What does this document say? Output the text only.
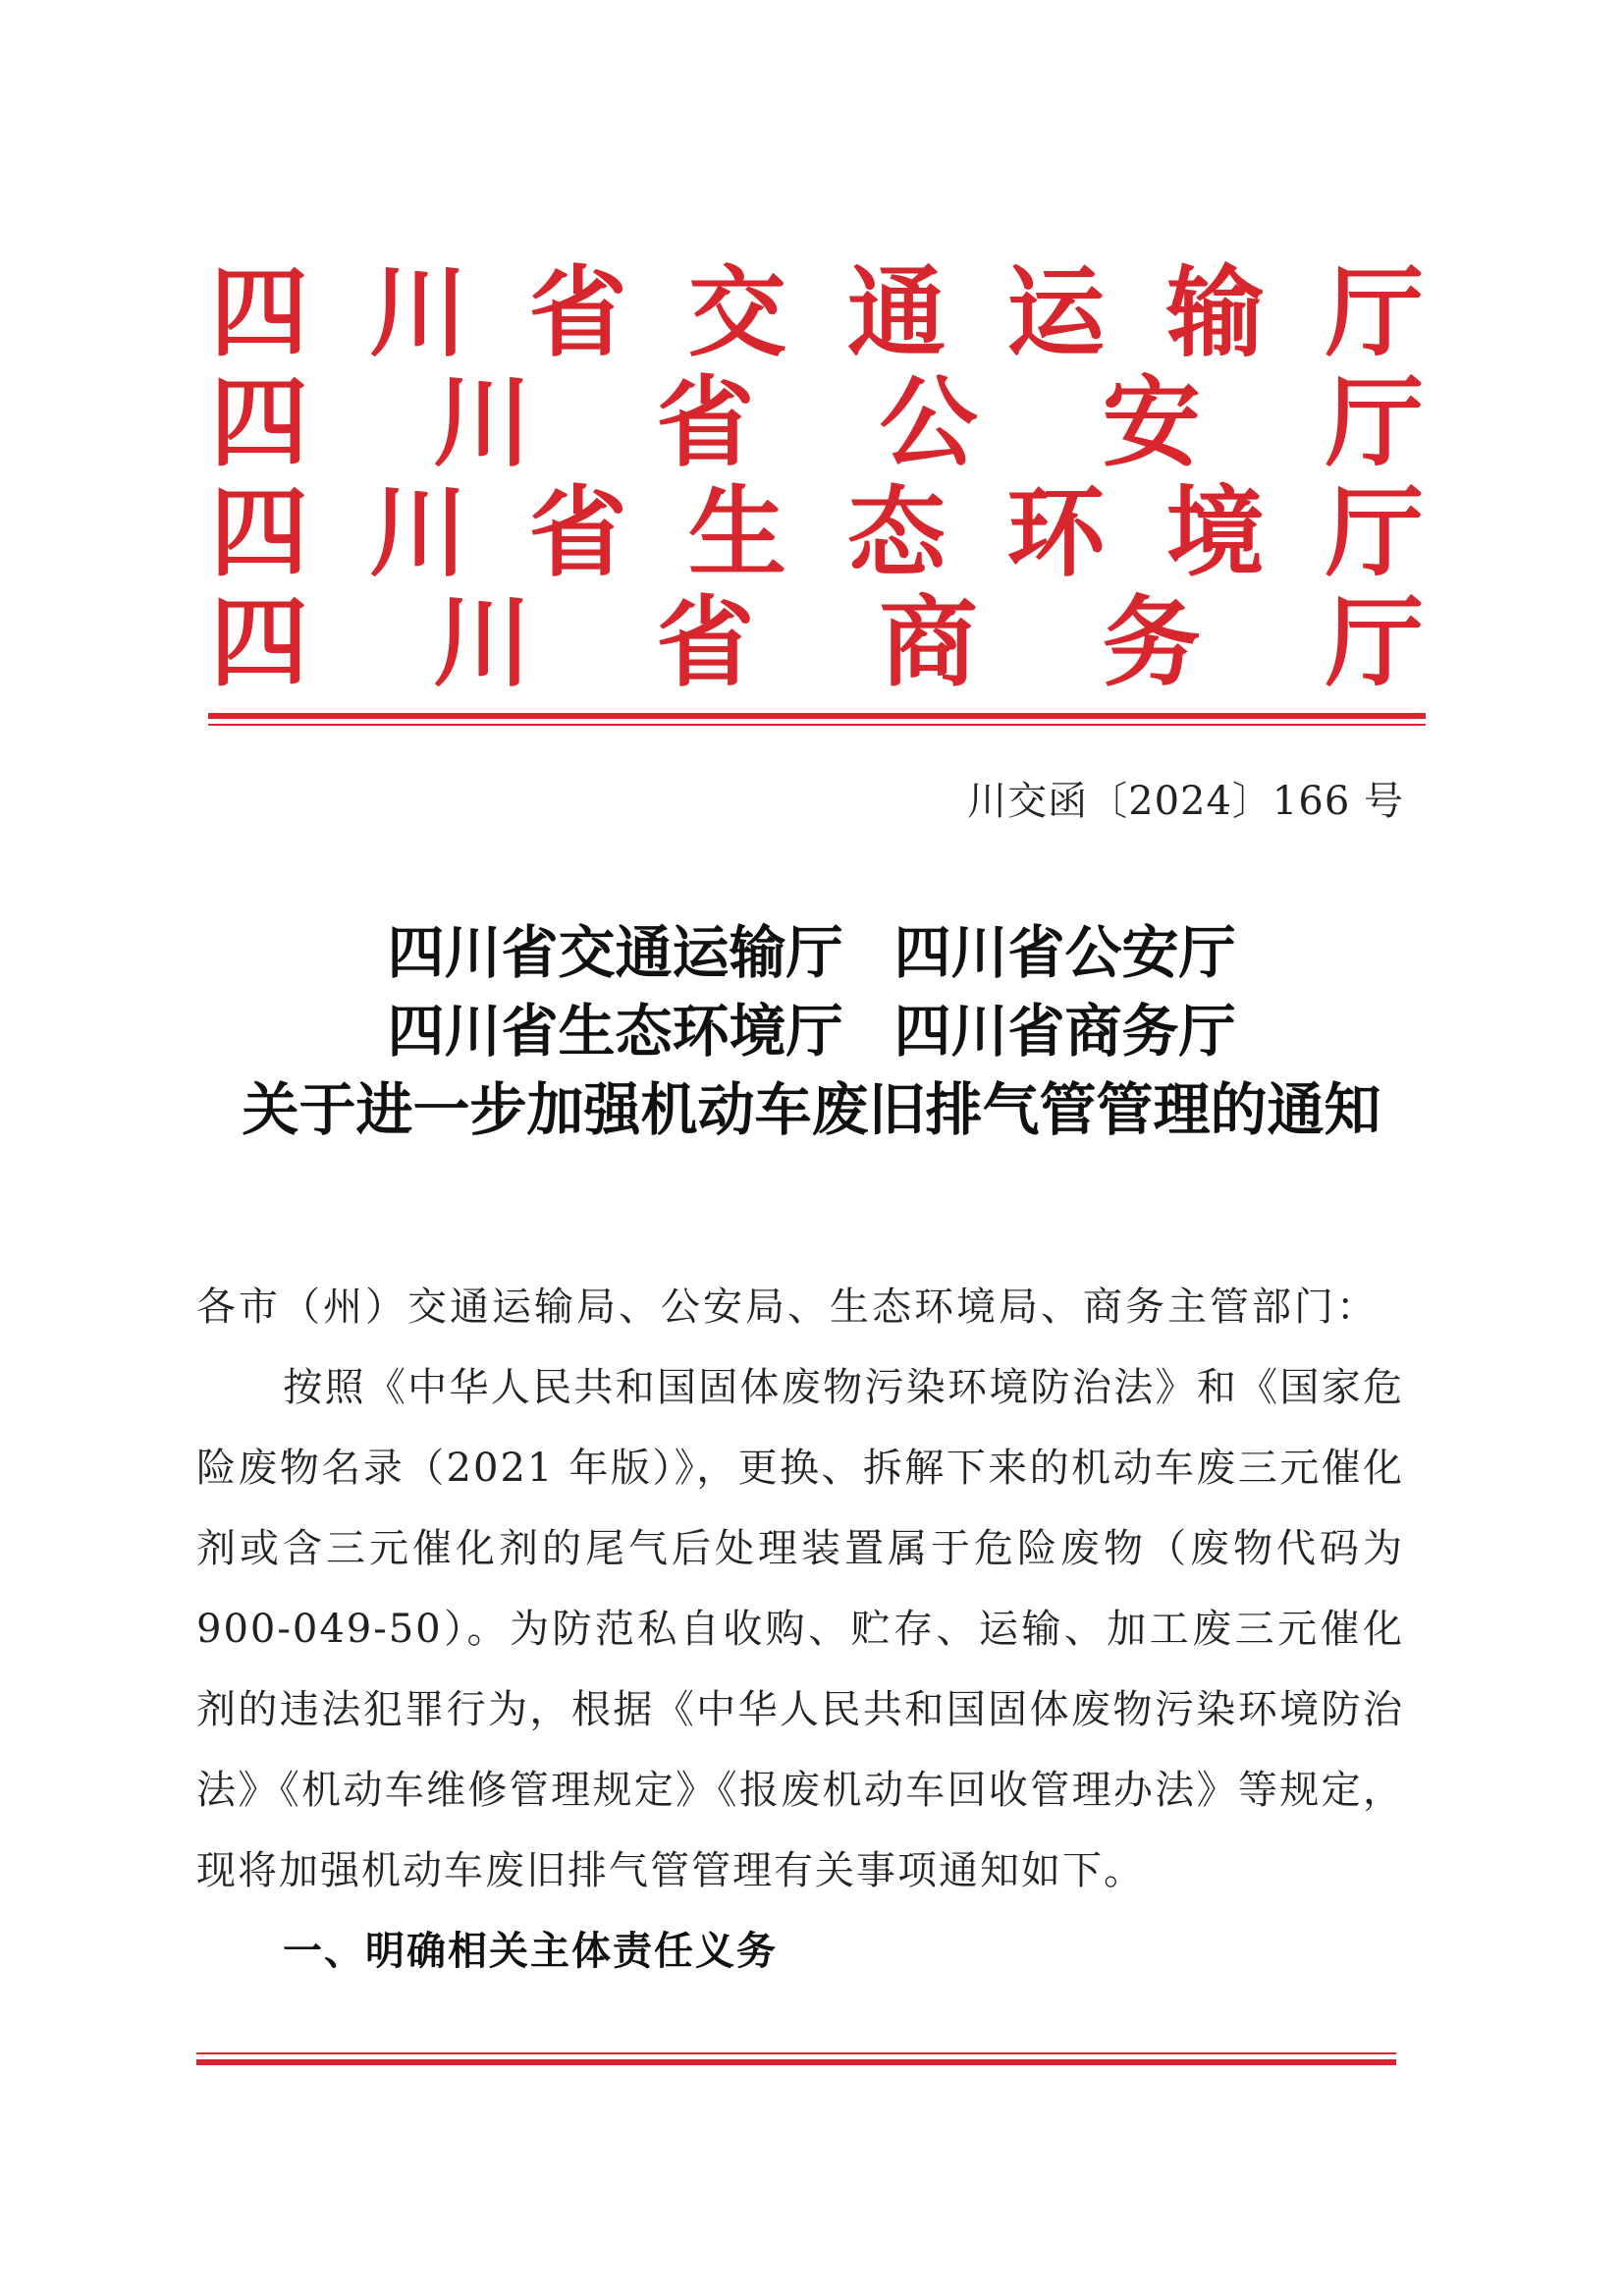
四 川 省 交 通 运 输 厅
四 川 省 公 安 厅
四 川 省 生 态 环 境 厅
四 川 省 商 务 厅
川交函〔2024〕166 号
四川省交通运输厅 四川省公安厅
四川省生态环境厅 四川省商务厅
关于进一步加强机动车废旧排气管管理的通知
各市（州）交通运输局、公安局、生态环境局、商务主管部门：
按照《中华人民共和国固体废物污染环境防治法》和《国家危险废物名录（2021 年版）》，更换、拆解下来的机动车废三元催化剂或含三元催化剂的尾气后处理装置属于危险废物（废物代码为 900-049-50）。为防范私自收购、贮存、运输、加工废三元催化剂的违法犯罪行为，根据《中华人民共和国固体废物污染环境防治法》《机动车维修管理规定》《报废机动车回收管理办法》等规定，现将加强机动车废旧排气管管理有关事项通知如下。
一、明确相关主体责任义务
